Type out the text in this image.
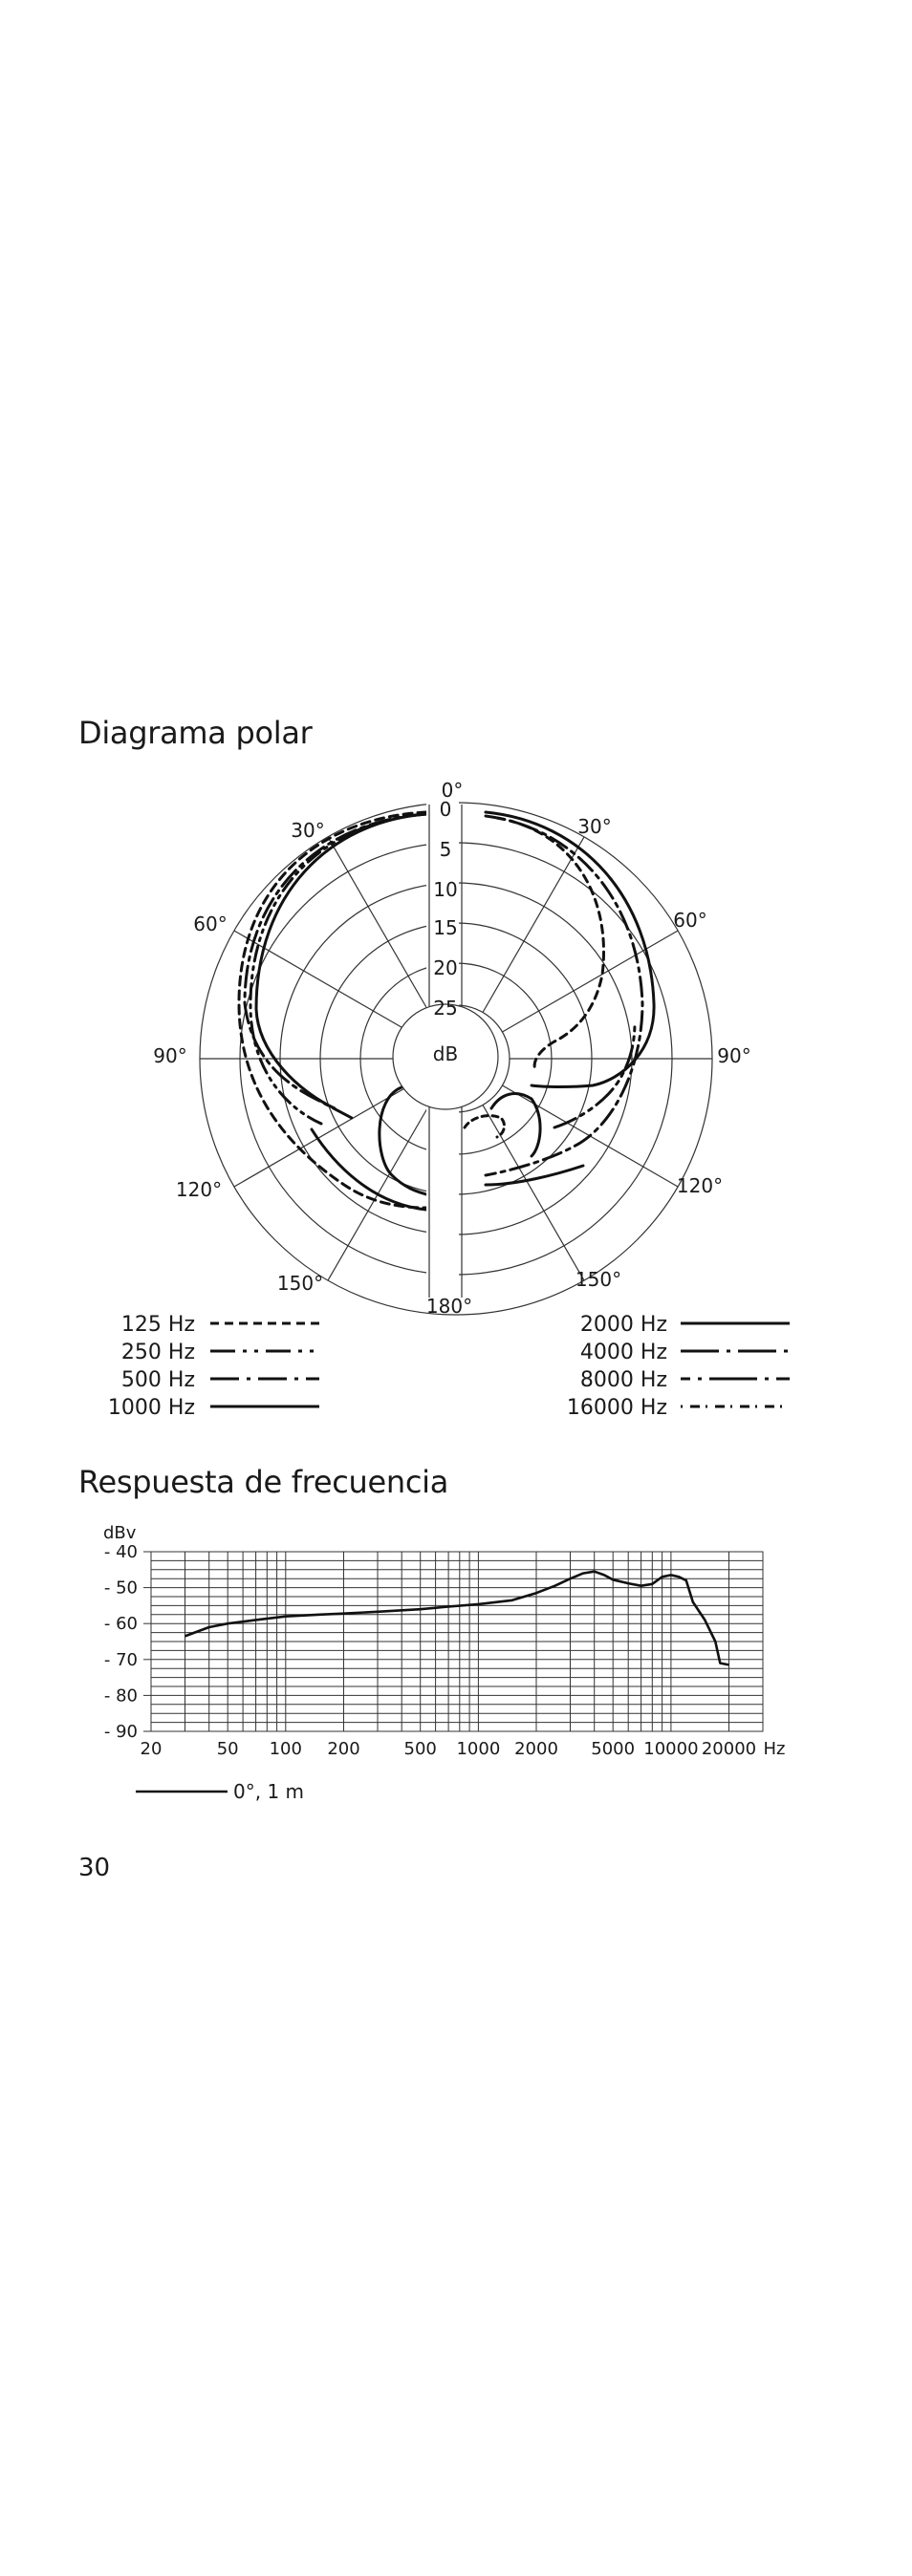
Diagrama polar
0
5
10
15
20
25
dB
0°
30°	30°
60°	60°
90°	90°
120°	120°
150°	150°
180°
125 Hz
250 Hz
500 Hz
1000 Hz
2000 Hz
4000 Hz
8000 Hz
16000 Hz
Respuesta de frecuencia
dBv
- 40
- 50
- 60
- 70
- 80
- 90
20	50 100 200	500 1000 2000 5000 10000 20000 Hz
0°, 1 m
30
